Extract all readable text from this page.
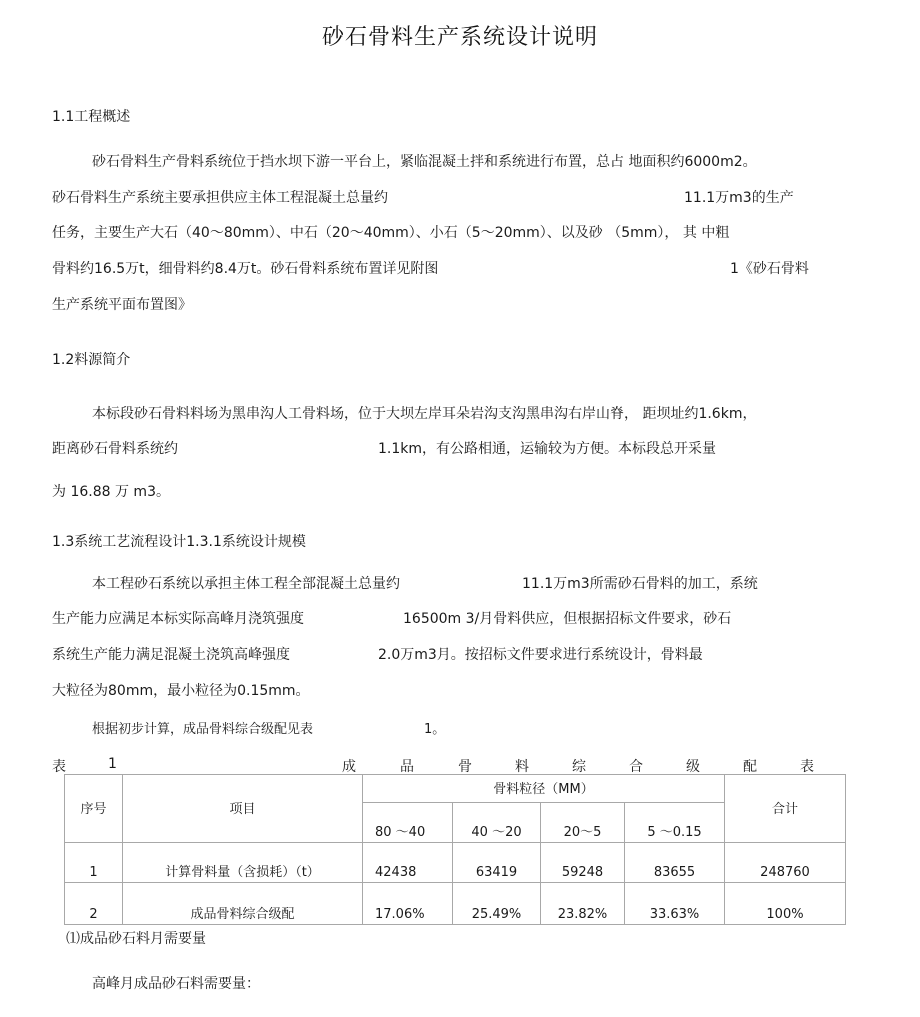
砂石骨料生产系统设计说明
1.1工程概述
砂石骨料生产骨料系统位于挡水坝下游一平台上，紧临混凝土拌和系统进行布置，总占 地面积约6000m2。
砂石骨料生产系统主要承担供应主体工程混凝土总量约	11.1万m3的生产
任务，主要生产大石（40～80mm）、中石（20～40mm）、小石（5～20mm）、以及砂 （5mm）， 其 中粗
骨料约16.5万t，细骨料约8.4万t。砂石骨料系统布置详见附图	1《砂石骨料
生产系统平面布置图》
1.2料源简介
本标段砂石骨料料场为黑串沟人工骨料场，位于大坝左岸耳朵岩沟支沟黑串沟右岸山脊， 距坝址约1.6km，
距离砂石骨料系统约	1.1km，有公路相通，运输较为方便。本标段总开采量
为 16.88 万 m3。
1.3系统工艺流程设计1.3.1系统设计规模
本工程砂石系统以承担主体工程全部混凝土总量约	11.1万m3所需砂石骨料的加工，系统
生产能力应满足本标实际高峰月浇筑强度	16500m 3/月骨料供应，但根据招标文件要求，砂石
系统生产能力满足混凝土浇筑高峰强度	2.0万m3月。按招标文件要求进行系统设计，骨料最
大粒径为80mm，最小粒径为0.15mm。
根据初步计算，成品骨料综合级配见表	1。
表	1	成	品	骨	料	综	合	级	配	表
序号	项目	骨料粒径（MM）				合计
		80 ～40	40 ～20	20～5	5 ～0.15	
1	计算骨料量（含损耗）（t）	42438	63419	59248	83655	248760
2	成品骨料综合级配	17.06%	25.49%	23.82%	33.63%	100%
⑴成品砂石料月需要量
高峰月成品砂石料需要量：
